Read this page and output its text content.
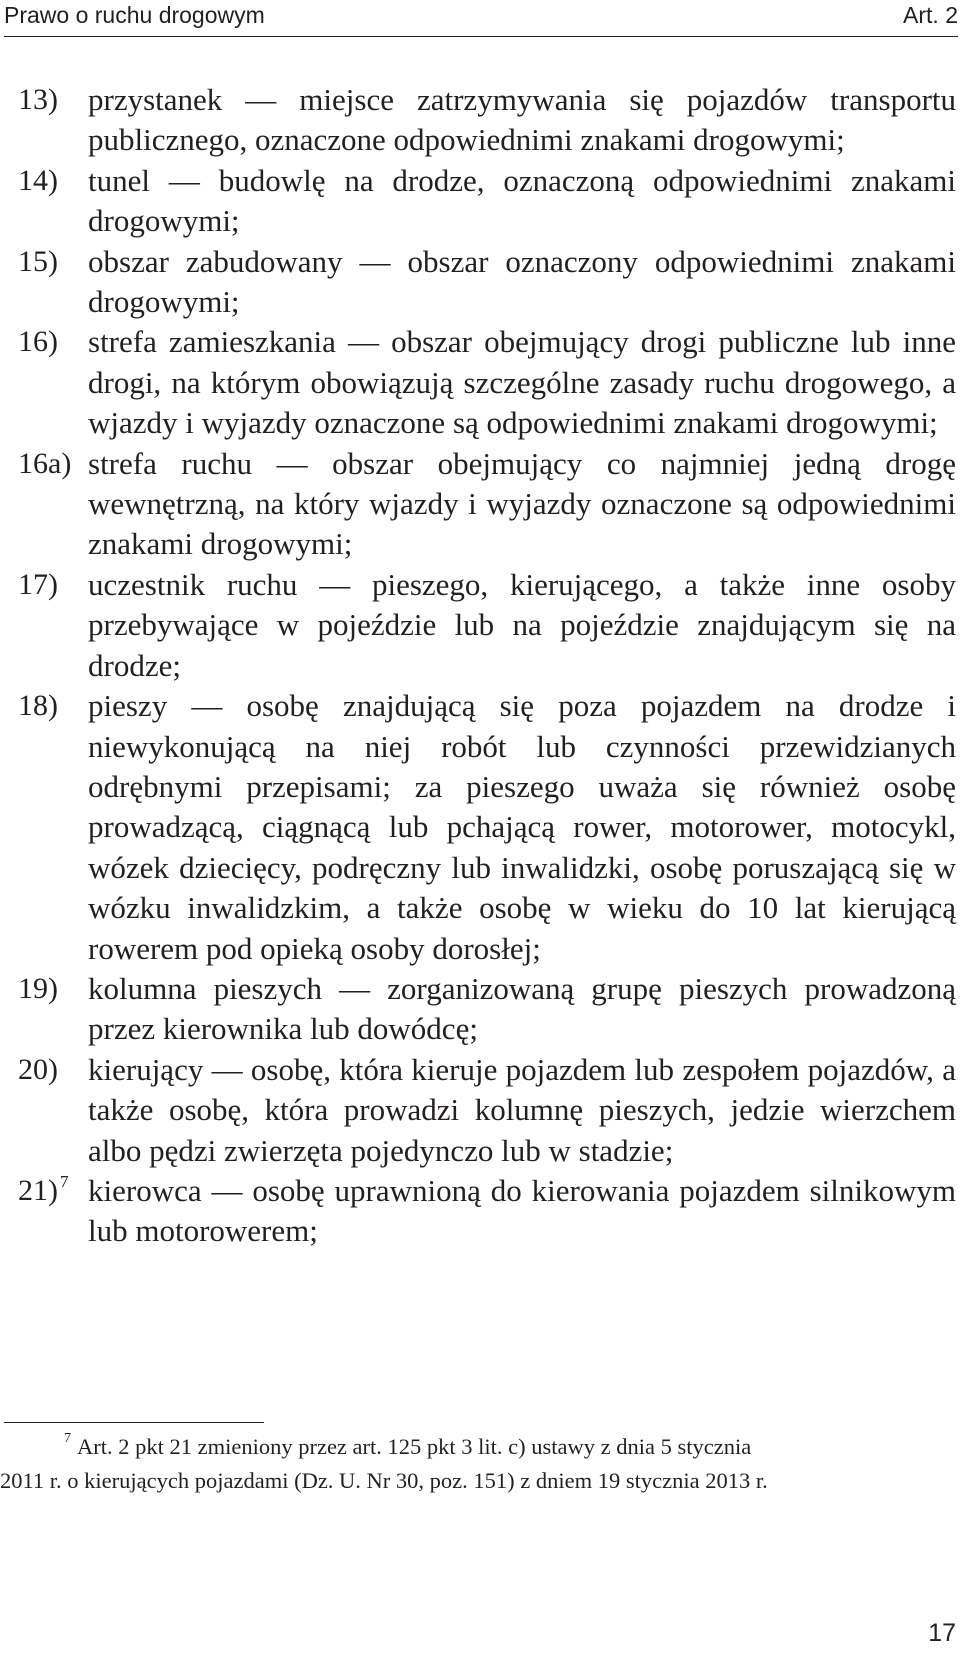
Prawo o ruchu drogowym	Art. 2
13) przystanek — miejsce zatrzymywania się pojazdów transportu publicznego, oznaczone odpowiednimi znakami drogowymi;
14) tunel — budowlę na drodze, oznaczoną odpowiednimi znakami drogowymi;
15) obszar zabudowany — obszar oznaczony odpowiednimi znakami drogowymi;
16) strefa zamieszkania — obszar obejmujący drogi publiczne lub inne drogi, na którym obowiązują szczególne zasady ruchu drogowego, a wjazdy i wyjazdy oznaczone są odpowiednimi znakami drogowymi;
16a) strefa ruchu — obszar obejmujący co najmniej jedną drogę wewnętrzną, na który wjazdy i wyjazdy oznaczone są odpowiednimi znakami drogowymi;
17) uczestnik ruchu — pieszego, kierującego, a także inne osoby przebywające w pojeździe lub na pojeździe znajdującym się na drodze;
18) pieszy — osobę znajdującą się poza pojazdem na drodze i niewykonującą na niej robót lub czynności przewidzianych odrębnymi przepisami; za pieszego uważa się również osobę prowadzącą, ciągnącą lub pchającą rower, motorower, motocykl, wózek dziecięcy, podręczny lub inwalidzki, osobę poruszającą się w wózku inwalidzkim, a także osobę w wieku do 10 lat kierującą rowerem pod opieką osoby dorosłej;
19) kolumna pieszych — zorganizowaną grupę pieszych prowadzoną przez kierownika lub dowódcę;
20) kierujący — osobę, która kieruje pojazdem lub zespołem pojazdów, a także osobę, która prowadzi kolumnę pieszych, jedzie wierzchem albo pędzi zwierzęta pojedynczo lub w stadzie;
21) $^7$ kierowca — osobę uprawnioną do kierowania pojazdem silnikowym lub motorowerem;
$^7$ Art. 2 pkt 21 zmieniony przez art. 125 pkt 3 lit. c) ustawy z dnia 5 stycznia
2011 r. o kierujących pojazdami (Dz. U. Nr 30, poz. 151) z dniem 19 stycznia 2013 r.
17
